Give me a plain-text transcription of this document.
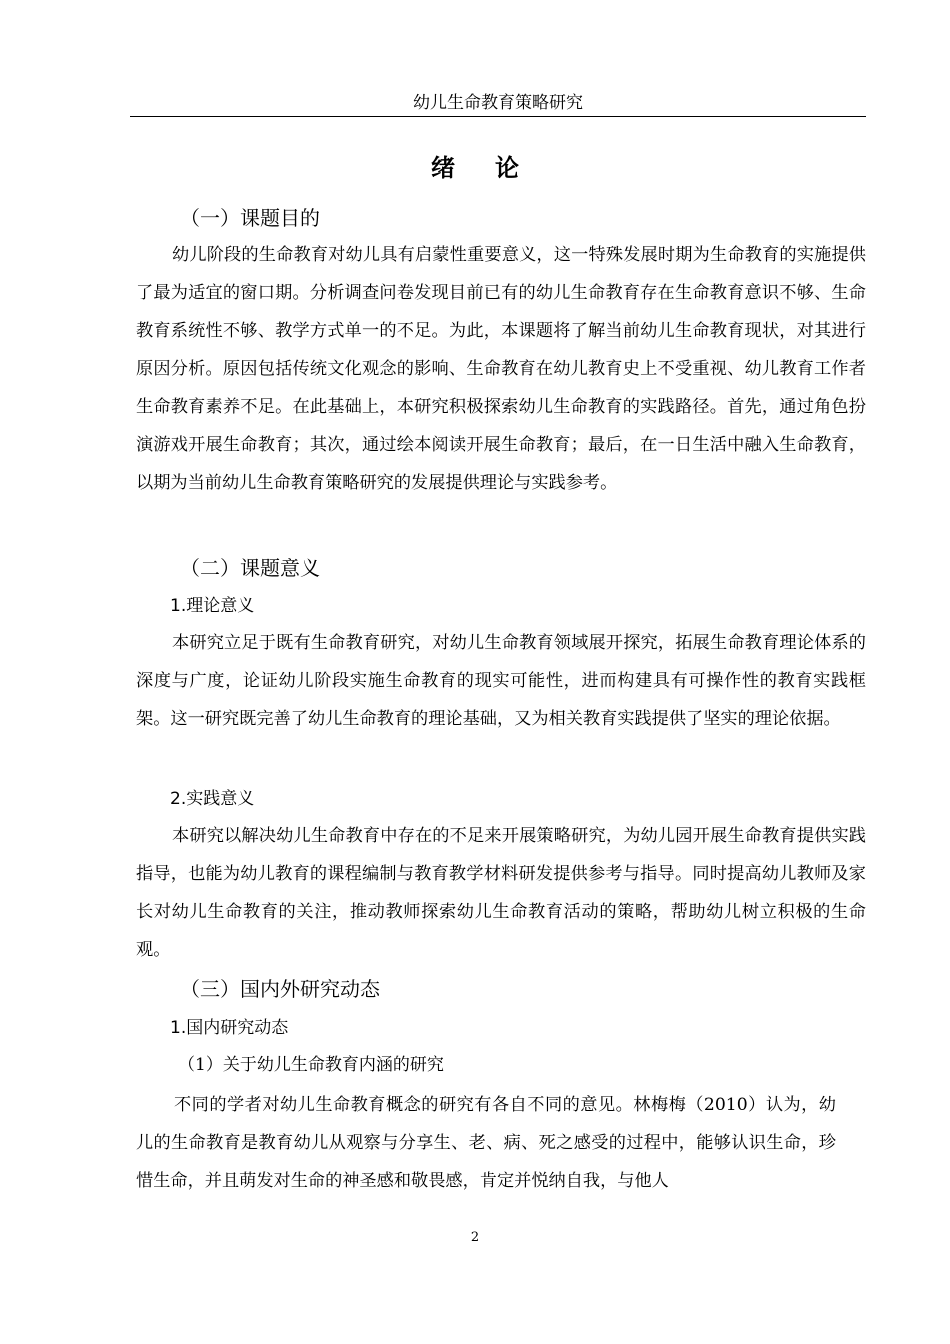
幼儿生命教育策略研究
绪 论
（一）课题目的

幼儿阶段的生命教育对幼儿具有启蒙性重要意义，这一特殊发展时期为生命教育的实施提供了最为适宜的窗口期。分析调查问卷发现目前已有的幼儿生命教育存在生命教育意识不够、生命教育系统性不够、教学方式单一的不足。为此，本课题将了解当前幼儿生命教育现状，对其进行原因分析。原因包括传统文化观念的影响、生命教育在幼儿教育史上不受重视、幼儿教育工作者生命教育素养不足。在此基础上，本研究积极探索幼儿生命教育的实践路径。首先，通过角色扮演游戏开展生命教育；其次，通过绘本阅读开展生命教育；最后，在一日生活中融入生命教育，以期为当前幼儿生命教育策略研究的发展提供理论与实践参考。

（二）课题意义
1.理论意义

本研究立足于既有生命教育研究，对幼儿生命教育领域展开探究，拓展生命教育理论体系的深度与广度，论证幼儿阶段实施生命教育的现实可能性，进而构建具有可操作性的教育实践框架。这一研究既完善了幼儿生命教育的理论基础，又为相关教育实践提供了坚实的理论依据。

2.实践意义

本研究以解决幼儿生命教育中存在的不足来开展策略研究，为幼儿园开展生命教育提供实践指导，也能为幼儿教育的课程编制与教育教学材料研发提供参考与指导。同时提高幼儿教师及家长对幼儿生命教育的关注，推动教师探索幼儿生命教育活动的策略，帮助幼儿树立积极的生命观。

（三）国内外研究动态
1.国内研究动态
（1）关于幼儿生命教育内涵的研究

不同的学者对幼儿生命教育概念的研究有各自不同的意见。林梅梅（2010）认为，幼儿的生命教育是教育幼儿从观察与分享生、老、病、死之感受的过程中，能够认识生命，珍惜生命，并且萌发对生命的神圣感和敬畏感，肯定并悦纳自我，与他人

2
